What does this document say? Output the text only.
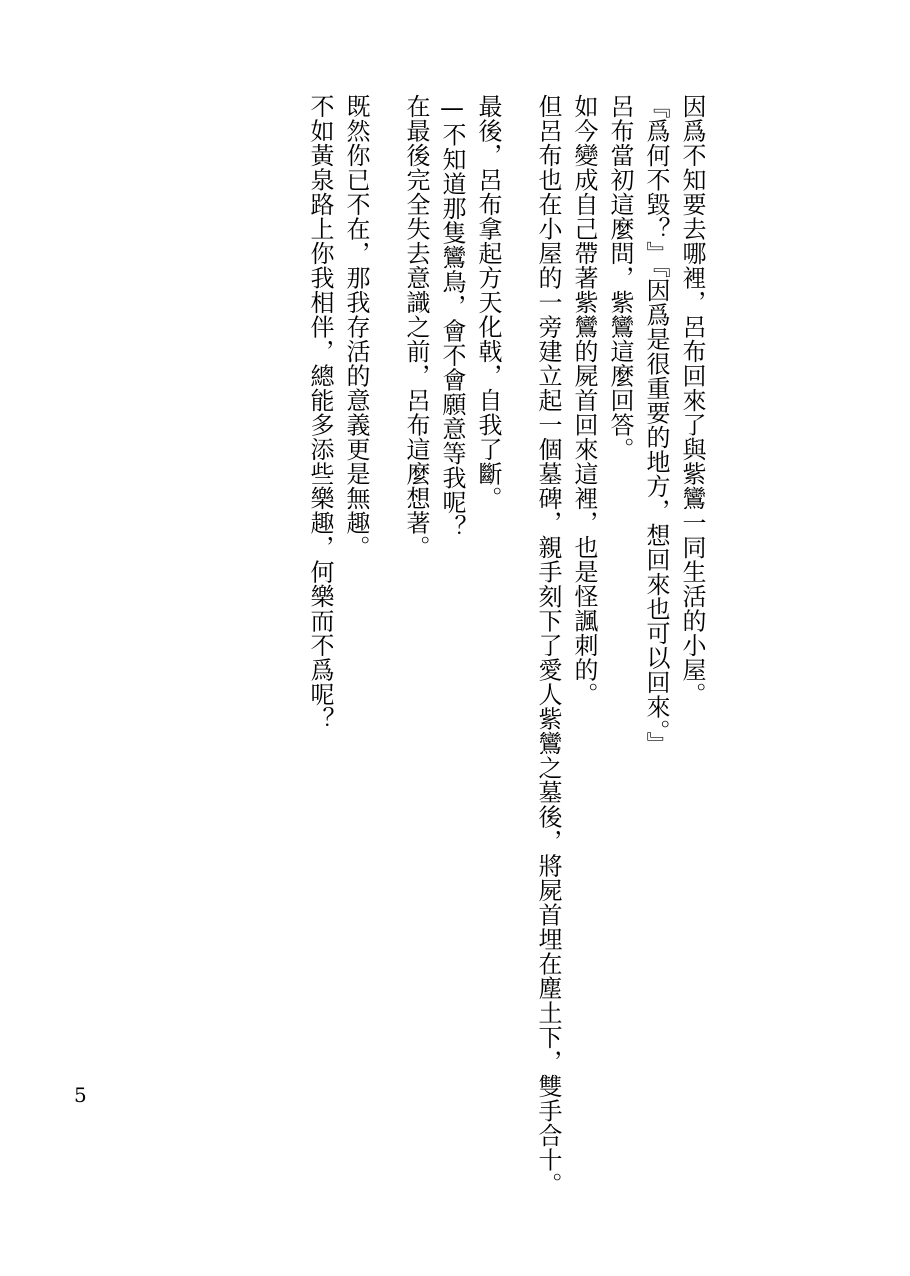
因爲不知要去哪裡，呂布回來了與紫鸞一同生活的小屋。
『爲何不毀？』『因爲是很重要的地方，想回來也可以回來。』
呂布當初這麼問，紫鸞這麼回答。
如今變成自己帶著紫鸞的屍首回來這裡，也是怪諷刺的。
但呂布也在小屋的一旁建立起一個墓碑，親手刻下了愛人紫鸞之墓後，將屍首埋在塵土下，雙手合十。
最後，呂布拿起方天化戟，自我了斷。
—不知道那隻鸞鳥，會不會願意等我呢？
在最後完全失去意識之前，呂布這麼想著。
既然你已不在，那我存活的意義更是無趣。
不如黃泉路上你我相伴，總能多添些樂趣，何樂而不爲呢？
5
